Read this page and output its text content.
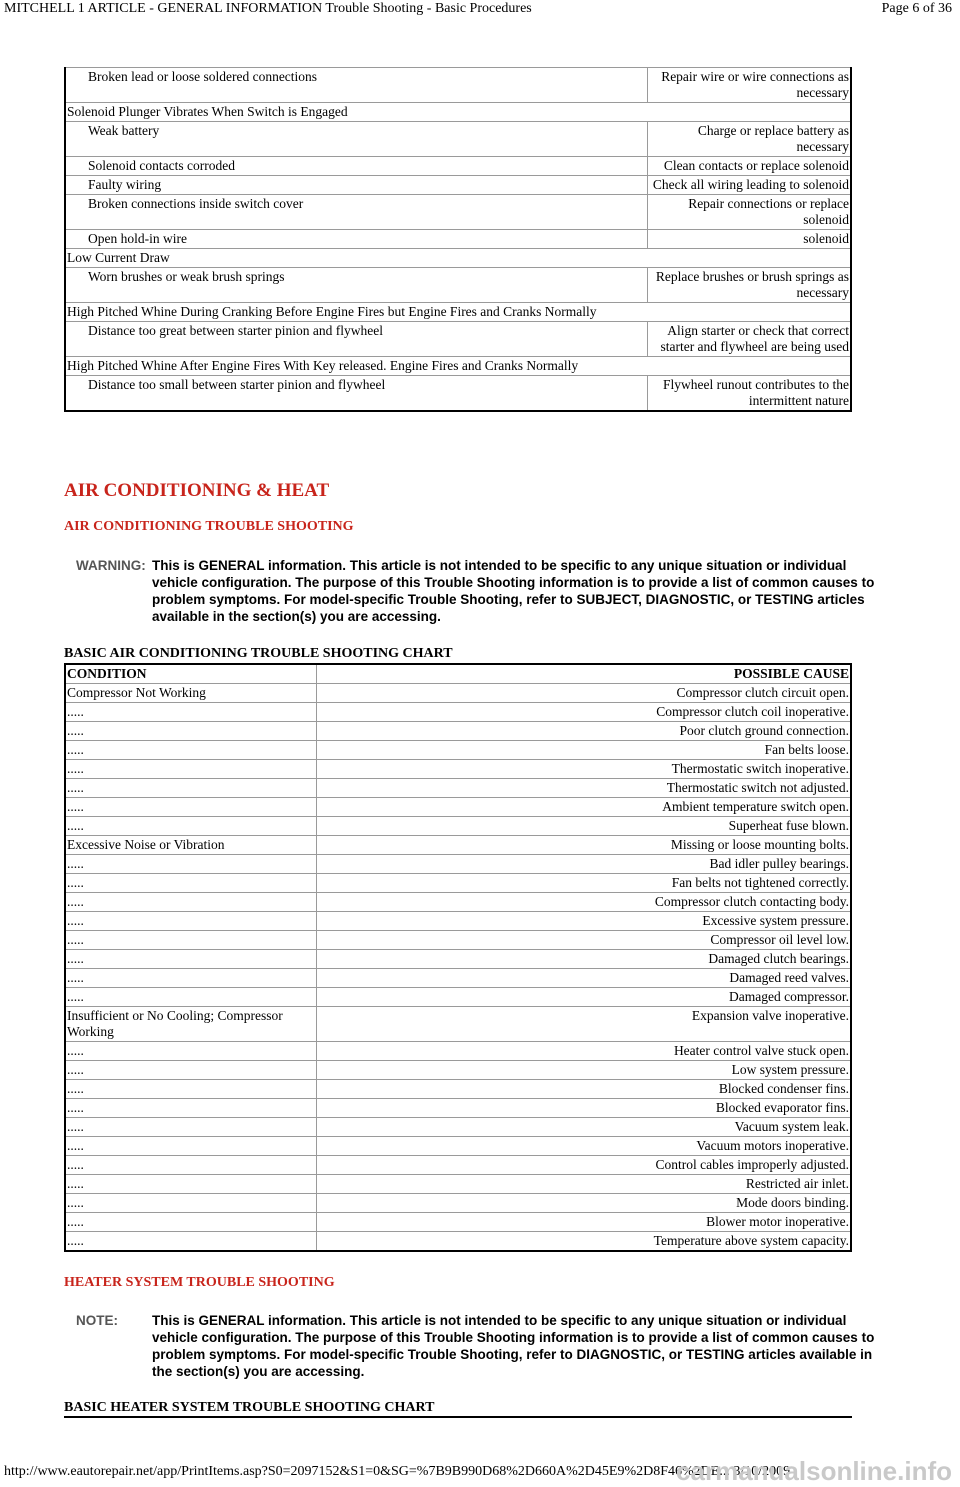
MITCHELL 1 ARTICLE - GENERAL INFORMATION Trouble Shooting - Basic Procedures	Page 6 of 36
Broken lead or loose soldered connections	Repair wire or wire connections as necessary
Solenoid Plunger Vibrates When Switch is Engaged	
Weak battery	Charge or replace battery as necessary
Solenoid contacts corroded	Clean contacts or replace solenoid
Faulty wiring	Check all wiring leading to solenoid
Broken connections inside switch cover	Repair connections or replace solenoid
Open hold-in wire	solenoid
Low Current Draw	
Worn brushes or weak brush springs	Replace brushes or brush springs as necessary
High Pitched Whine During Cranking Before Engine Fires but Engine Fires and Cranks Normally	
Distance too great between starter pinion and flywheel	Align starter or check that correct starter and flywheel are being used
High Pitched Whine After Engine Fires With Key released. Engine Fires and Cranks Normally	
Distance too small between starter pinion and flywheel	Flywheel runout contributes to the intermittent nature
AIR CONDITIONING & HEAT
AIR CONDITIONING TROUBLE SHOOTING
WARNING: This is GENERAL information. This article is not intended to be specific to any unique situation or individual vehicle configuration. The purpose of this Trouble Shooting information is to provide a list of common causes to problem symptoms. For model-specific Trouble Shooting, refer to SUBJECT, DIAGNOSTIC, or TESTING articles available in the section(s) you are accessing.
BASIC AIR CONDITIONING TROUBLE SHOOTING CHART
CONDITION	POSSIBLE CAUSE
Compressor Not Working	Compressor clutch circuit open.
.....	Compressor clutch coil inoperative.
.....	Poor clutch ground connection.
.....	Fan belts loose.
.....	Thermostatic switch inoperative.
.....	Thermostatic switch not adjusted.
.....	Ambient temperature switch open.
.....	Superheat fuse blown.
Excessive Noise or Vibration	Missing or loose mounting bolts.
.....	Bad idler pulley bearings.
.....	Fan belts not tightened correctly.
.....	Compressor clutch contacting body.
.....	Excessive system pressure.
.....	Compressor oil level low.
.....	Damaged clutch bearings.
.....	Damaged reed valves.
.....	Damaged compressor.
Insufficient or No Cooling; Compressor Working	Expansion valve inoperative.
.....	Heater control valve stuck open.
.....	Low system pressure.
.....	Blocked condenser fins.
.....	Blocked evaporator fins.
.....	Vacuum system leak.
.....	Vacuum motors inoperative.
.....	Control cables improperly adjusted.
.....	Restricted air inlet.
.....	Mode doors binding.
.....	Blower motor inoperative.
.....	Temperature above system capacity.
HEATER SYSTEM TROUBLE SHOOTING
NOTE:	This is GENERAL information. This article is not intended to be specific to any unique situation or individual vehicle configuration. The purpose of this Trouble Shooting information is to provide a list of common causes to problem symptoms. For model-specific Trouble Shooting, refer to DIAGNOSTIC, or TESTING articles available in the section(s) you are accessing.
BASIC HEATER SYSTEM TROUBLE SHOOTING CHART
http://www.eautorepair.net/app/PrintItems.asp?S0=2097152&S1=0&SG=%7B9B990D68%2D660A%2D45E9%2D8F46%2DE... 3/10/2009
carmanualsonline.info
